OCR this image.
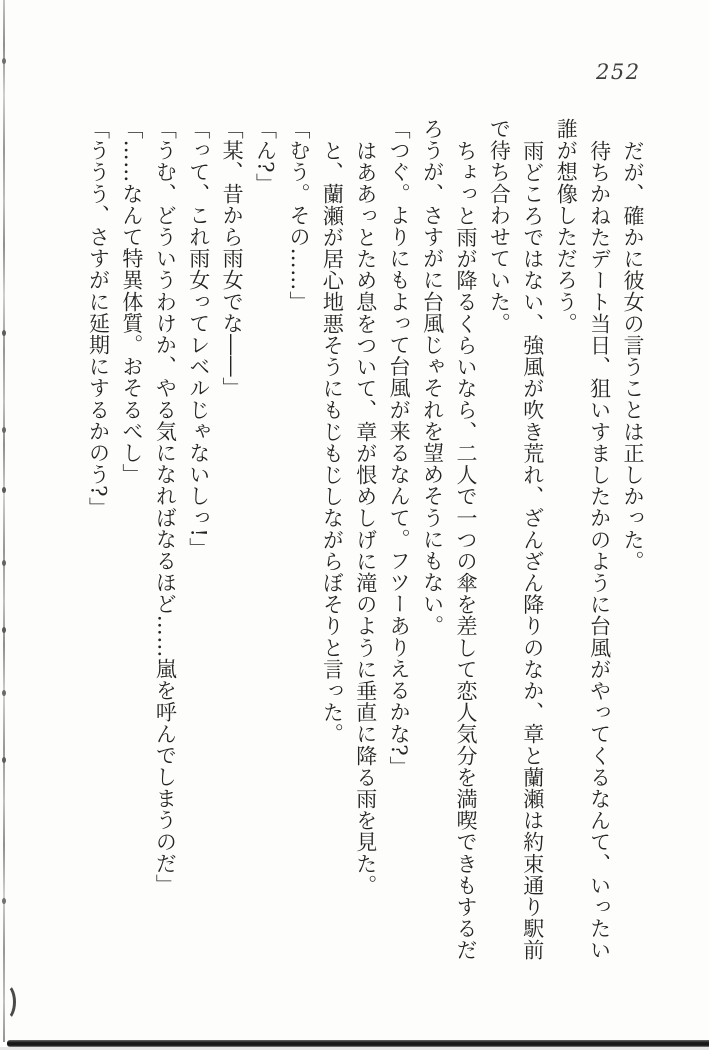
252

だが、確かに彼女の言うことは正しかった。

待ちかねたデート当日、狙いすましたかのように台風がやってくるなんて、いったい誰が想像しただろう。

雨どころではない、強風が吹き荒れ、ざんざん降りのなか、章と蘭瀬は約束通り駅前で待ち合わせていた。

ちょっと雨が降るくらいなら、二人で一つの傘を差して恋人気分を満喫できもするだろうが、さすがに台風じゃそれを望めそうにもない。

「つぐ。よりにもよって台風が来るなんて。フツーありえるかな?」

はああっとため息をついて、章が恨めしげに滝のように垂直に降る雨を見た。

と、蘭瀬が居心地悪そうにもじもじしながらぼそりと言った。

「むう。その……」

「ん?」

「某、昔から雨女でな――」

「って、これ雨女ってレベルじゃないしっ!」

「うむ、どういうわけか、やる気になればなるほど……嵐を呼んでしまうのだ」

「……なんて特異体質。おそるべし」

「ううう、さすがに延期にするかのう?」
